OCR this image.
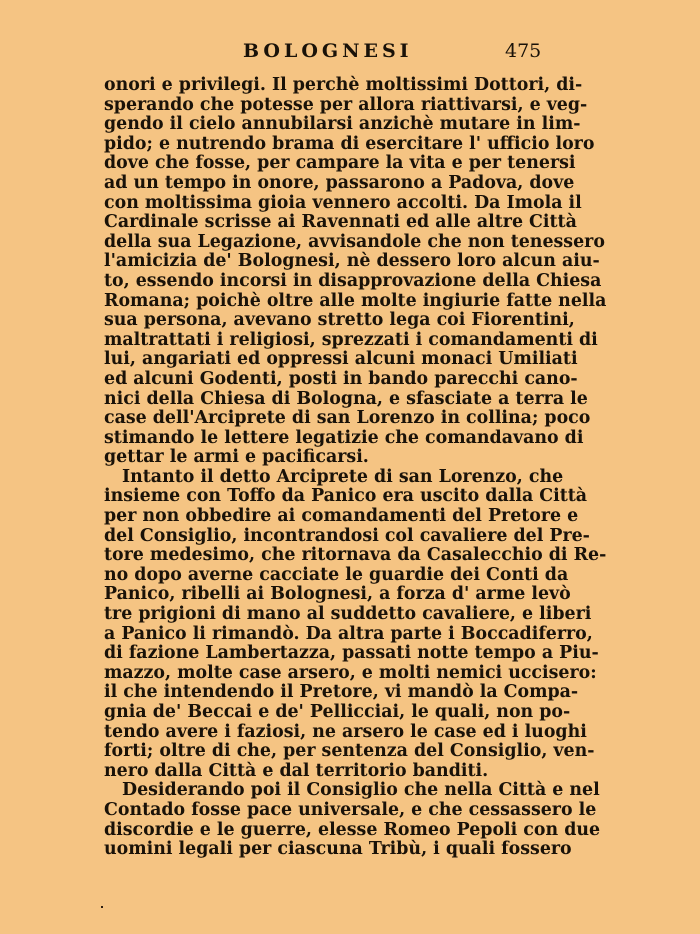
BOLOGNESI	475
onori e privilegi. Il perchè moltissimi Dottori, di-
sperando che potesse per allora riattivarsi, e veg-
gendo il cielo annubilarsi anzichè mutare in lim-
pido; e nutrendo brama di esercitare l' ufficio loro
dove che fosse, per campare la vita e per tenersi
ad un tempo in onore, passarono a Padova, dove
con moltissima gioia vennero accolti. Da Imola il
Cardinale scrisse ai Ravennati ed alle altre Città
della sua Legazione, avvisandole che non tenessero
l'amicizia de' Bolognesi, nè dessero loro alcun aiu-
to, essendo incorsi in disapprovazione della Chiesa
Romana; poichè oltre alle molte ingiurie fatte nella
sua persona, avevano stretto lega coi Fiorentini,
maltrattati i religiosi, sprezzati i comandamenti di
lui, angariati ed oppressi alcuni monaci Umiliati
ed alcuni Godenti, posti in bando parecchi cano-
nici della Chiesa di Bologna, e sfasciate a terra le
case dell'Arciprete di san Lorenzo in collina; poco
stimando le lettere legatizie che comandavano di
gettar le armi e pacificarsi.
Intanto il detto Arciprete di san Lorenzo, che
insieme con Toffo da Panico era uscito dalla Città
per non obbedire ai comandamenti del Pretore e
del Consiglio, incontrandosi col cavaliere del Pre-
tore medesimo, che ritornava da Casalecchio di Re-
no dopo averne cacciate le guardie dei Conti da
Panico, ribelli ai Bolognesi, a forza d' arme levò
tre prigioni di mano al suddetto cavaliere, e liberi
a Panico li rimandò. Da altra parte i Boccadiferro,
di fazione Lambertazza, passati notte tempo a Piu-
mazzo, molte case arsero, e molti nemici uccisero:
il che intendendo il Pretore, vi mandò la Compa-
gnia de' Beccai e de' Pellicciai, le quali, non po-
tendo avere i faziosi, ne arsero le case ed i luoghi
forti; oltre di che, per sentenza del Consiglio, ven-
nero dalla Città e dal territorio banditi.
Desiderando poi il Consiglio che nella Città e nel
Contado fosse pace universale, e che cessassero le
discordie e le guerre, elesse Romeo Pepoli con due
uomini legali per ciascuna Tribù, i quali fossero
